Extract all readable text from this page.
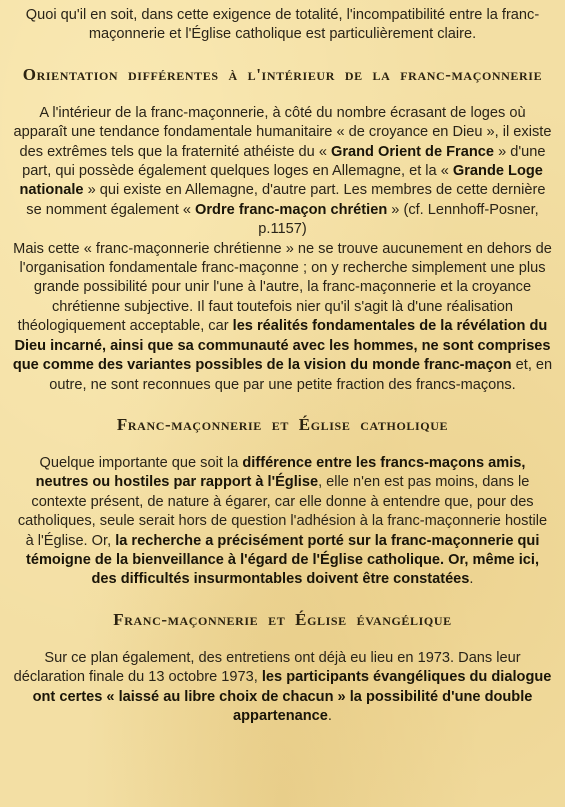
Quoi qu'il en soit, dans cette exigence de totalité, l'incompatibilité entre la franc-maçonnerie et l'Église catholique est particulièrement claire.

Orientation différentes à l'intérieur de la franc-maçonnerie

A l'intérieur de la franc-maçonnerie, à côté du nombre écrasant de loges où apparaît une tendance fondamentale humanitaire « de croyance en Dieu », il existe des extrêmes tels que la fraternité athéiste du « Grand Orient de France » d'une part, qui possède également quelques loges en Allemagne, et la « Grande Loge nationale » qui existe en Allemagne, d'autre part. Les membres de cette dernière se nomment également « Ordre franc-maçon chrétien » (cf. Lennhoff-Posner, p.1157)

Mais cette « franc-maçonnerie chrétienne » ne se trouve aucunement en dehors de l'organisation fondamentale franc-maçonne ; on y recherche simplement une plus grande possibilité pour unir l'une à l'autre, la franc-maçonnerie et la croyance chrétienne subjective. Il faut toutefois nier qu'il s'agit là d'une réalisation théologiquement acceptable, car les réalités fondamentales de la révélation du Dieu incarné, ainsi que sa communauté avec les hommes, ne sont comprises que comme des variantes possibles de la vision du monde franc-maçon et, en outre, ne sont reconnues que par une petite fraction des francs-maçons.

Franc-maçonnerie et Église catholique

Quelque importante que soit la différence entre les francs-maçons amis, neutres ou hostiles par rapport à l'Église, elle n'en est pas moins, dans le contexte présent, de nature à égarer, car elle donne à entendre que, pour des catholiques, seule serait hors de question l'adhésion à la franc-maçonnerie hostile à l'Église. Or, la recherche a précisément porté sur la franc-maçonnerie qui témoigne de la bienveillance à l'égard de l'Église catholique. Or, même ici, des difficultés insurmontables doivent être constatées.

Franc-maçonnerie et Église évangélique

Sur ce plan également, des entretiens ont déjà eu lieu en 1973. Dans leur déclaration finale du 13 octobre 1973, les participants évangéliques du dialogue ont certes « laissé au libre choix de chacun » la possibilité d'une double appartenance.
